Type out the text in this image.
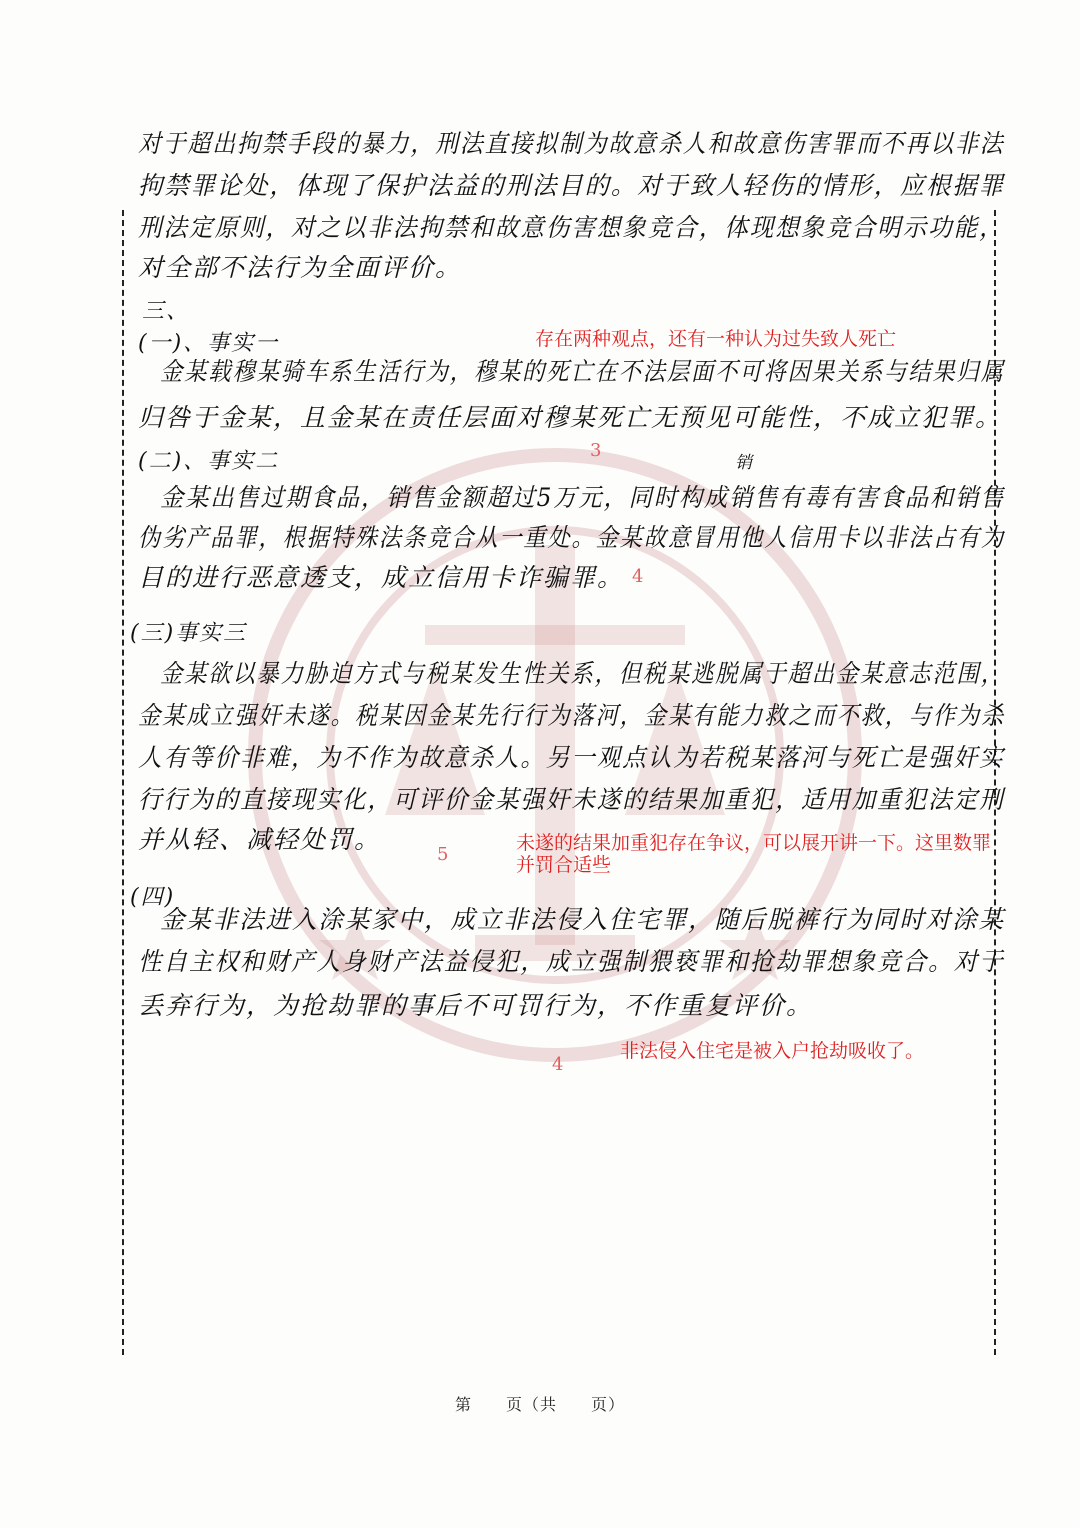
对于超出拘禁手段的暴力，刑法直接拟制为故意杀人和故意伤害罪而不再以非法
拘禁罪论处，体现了保护法益的刑法目的。对于致人轻伤的情形，应根据罪
刑法定原则，对之以非法拘禁和故意伤害想象竞合，体现想象竞合明示功能，
对全部不法行为全面评价。
三、
(一)、事实一	存在两种观点，还有一种认为过失致人死亡
金某载穆某骑车系生活行为，穆某的死亡在不法层面不可将因果关系与结果归属
归咎于金某，且金某在责任层面对穆某死亡无预见可能性，不成立犯罪。
3
(二)、事实二	销
金某出售过期食品，销售金额超过5万元，同时构成销售有毒有害食品和销售
伪劣产品罪，根据特殊法条竞合从一重处。金某故意冒用他人信用卡以非法占有为
目的进行恶意透支，成立信用卡诈骗罪。 4
(三)事实三
金某欲以暴力胁迫方式与税某发生性关系，但税某逃脱属于超出金某意志范围，
金某成立强奸未遂。税某因金某先行行为落河，金某有能力救之而不救，与作为杀
人有等价非难，为不作为故意杀人。另一观点认为若税某落河与死亡是强奸实
行行为的直接现实化，可评价金某强奸未遂的结果加重犯，适用加重犯法定刑
并从轻、减轻处罚。	未遂的结果加重犯存在争议，可以展开讲一下。这里数罪
并罚合适些
5
(四)
金某非法进入涂某家中，成立非法侵入住宅罪，随后脱裤行为同时对涂某
性自主权和财产人身财产法益侵犯，成立强制猥亵罪和抢劫罪想象竞合。对于
丢弃行为，为抢劫罪的事后不可罚行为，不作重复评价。
非法侵入住宅是被入户抢劫吸收了。
4
第　　页（共　　页）
